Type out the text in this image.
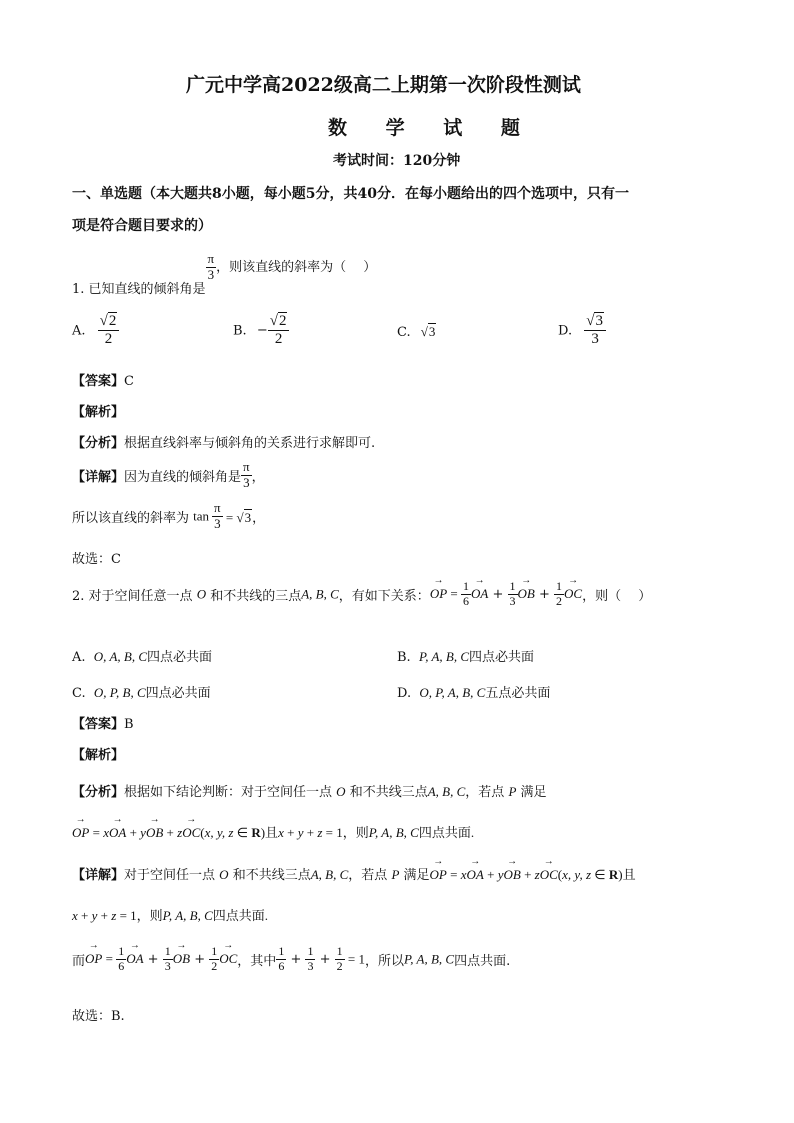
广元中学高2022级高二上期第一次阶段性测试
数 学 试 题
考试时间：120分钟
一、单选题（本大题共8小题，每小题5分，共40分．在每小题给出的四个选项中，只有一
项是符合题目要求的）
1. 已知直线的倾斜角是
$\frac{\pi}{3}$ ，则该直线的斜率为（　 ）
A. $\frac{√2}{2}$	B. − $\frac{√2}{2}$	C. √3	D. $\frac{√3}{3}$
【答案】C
【解析】
【分析】根据直线斜率与倾斜角的关系进行求解即可.
【详解】因为直线的倾斜角是 $\frac{\pi}{3}$ ，
所以该直线的斜率为 $\tan \frac{\pi}{3} = √3$，
故选：C
2. 对于空间任意一点 O 和不共线的三点A, B, C，有如下关系：→ OP = $\frac{1}{6}$ → OA + $\frac{1}{3}$ → OB + $\frac{1}{2}$ → OC，则（　 ）
A. O, A, B, C四点必共面	B. P, A, B, C四点必共面
C. O, P, B, C四点必共面	D. O, P, A, B, C五点必共面
【答案】B
【解析】
【分析】根据如下结论判断：对于空间任一点 O 和不共线三点A, B, C，若点 P 满足
→ OP = x→ OA + y→ OB + z→ OC(x, y, z ∈ R)且x + y + z = 1，则P, A, B, C四点共面.
【详解】对于空间任一点 O 和不共线三点A, B, C，若点 P 满足→ OP = x→ OA + y→ OB + z→ OC(x, y, z ∈ R)且
x + y + z = 1，则P, A, B, C四点共面.
而→ OP = $\frac{1}{6}$ → OA + $\frac{1}{3}$ → OB + $\frac{1}{2}$ → OC，其中 $\frac{1}{6} + \frac{1}{3} + \frac{1}{2} = 1$，所以P, A, B, C四点共面.
故选：B.
